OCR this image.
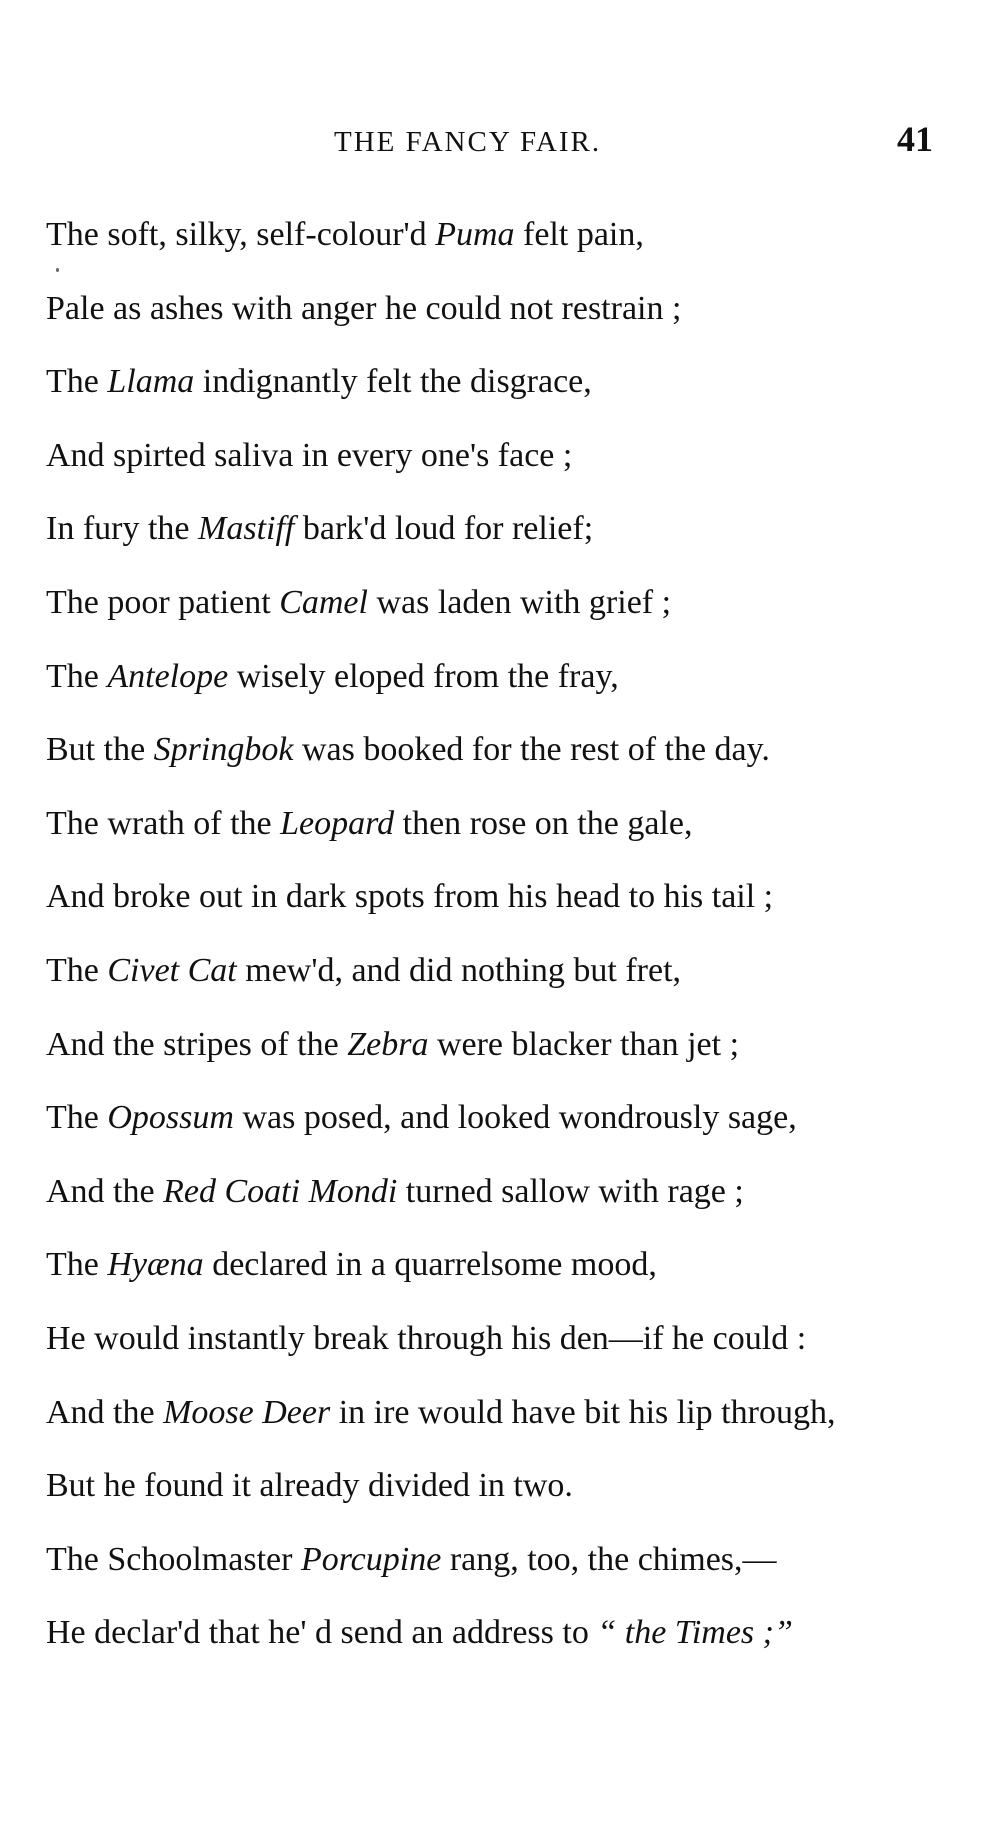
THE FANCY FAIR.	41
The soft, silky, self-colour'd Puma felt pain,
Pale as ashes with anger he could not restrain ;
The Llama indignantly felt the disgrace,
And spirted saliva in every one's face ;
In fury the Mastiff bark'd loud for relief;
The poor patient Camel was laden with grief ;
The Antelope wisely eloped from the fray,
But the Springbok was booked for the rest of the day.
The wrath of the Leopard then rose on the gale,
And broke out in dark spots from his head to his tail ;
The Civet Cat mew'd, and did nothing but fret,
And the stripes of the Zebra were blacker than jet ;
The Opossum was posed, and looked wondrously sage,
And the Red Coati Mondi turned sallow with rage ;
The Hyæna declared in a quarrelsome mood,
He would instantly break through his den—if he could :
And the Moose Deer in ire would have bit his lip through,
But he found it already divided in two.
The Schoolmaster Porcupine rang, too, the chimes,—
He declar'd that he' d send an address to “ the Times ;”
